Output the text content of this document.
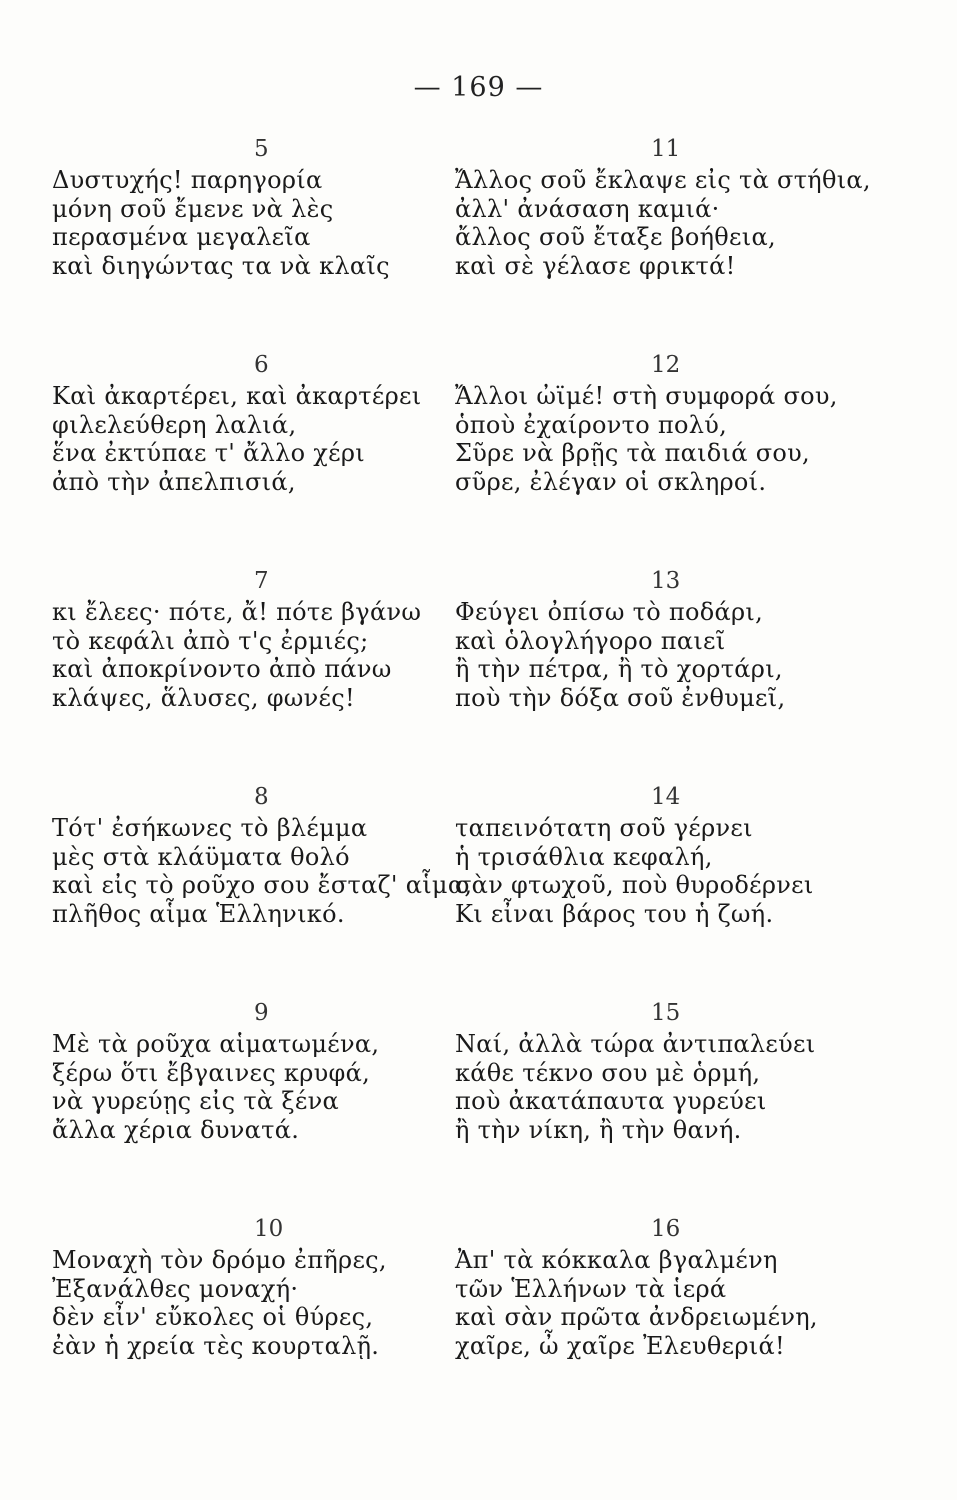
— 169 —
5
Δυστυχής! παρηγορία
μόνη σοῦ ἔμενε νὰ λὲς
περασμένα μεγαλεῖα
καὶ διηγώντας τα νὰ κλαῖς
6
Καὶ ἀκαρτέρει, καὶ ἀκαρτέρει
φιλελεύθερη λαλιά,
ἕνα ἐκτύπαε τ' ἄλλο χέρι
ἀπὸ τὴν ἀπελπισιά,
7
κι ἔλεες· πότε, ἄ! πότε βγάνω
τὸ κεφάλι ἀπὸ τ'ς ἐρμιές;
καὶ ἀποκρίνοντο ἀπὸ πάνω
κλάψες, ἅλυσες, φωνές!
8
Τότ' ἐσήκωνες τὸ βλέμμα
μὲς στὰ κλάϋματα θολό
καὶ εἰς τὸ ροῦχο σου ἔσταζ' αἷμα,
πλῆθος αἷμα Ἑλληνικό.
9
Μὲ τὰ ροῦχα αἱματωμένα,
ξέρω ὅτι ἔβγαινες κρυφά,
νὰ γυρεύῃς εἰς τὰ ξένα
ἄλλα χέρια δυνατά.
10
Μοναχὴ τὸν δρόμο ἐπῆρες,
Ἐξανάλθες μοναχή·
δὲν εἶν' εὔκολες οἱ θύρες,
ἐὰν ἡ χρεία τὲς κουρταλῇ.
11
Ἄλλος σοῦ ἔκλαψε εἰς τὰ στήθια,
ἀλλ' ἀνάσαση καμιά·
ἄλλος σοῦ ἔταξε βοήθεια,
καὶ σὲ γέλασε φρικτά!
12
Ἄλλοι ὠϊμέ! στὴ συμφορά σου,
ὁποὺ ἐχαίροντο πολύ,
Σῦρε νὰ βρῇς τὰ παιδιά σου,
σῦρε, ἐλέγαν οἱ σκληροί.
13
Φεύγει ὀπίσω τὸ ποδάρι,
καὶ ὁλογλήγορο παιεῖ
ἢ τὴν πέτρα, ἢ τὸ χορτάρι,
ποὺ τὴν δόξα σοῦ ἐνθυμεῖ,
14
ταπεινότατη σοῦ γέρνει
ἡ τρισάθλια κεφαλή,
σὰν φτωχοῦ, ποὺ θυροδέρνει
Κι εἶναι βάρος του ἡ ζωή.
15
Ναί, ἀλλὰ τώρα ἀντιπαλεύει
κάθε τέκνο σου μὲ ὁρμή,
ποὺ ἀκατάπαυτα γυρεύει
ἢ τὴν νίκη, ἢ τὴν θανή.
16
Ἀπ' τὰ κόκκαλα βγαλμένη
τῶν Ἑλλήνων τὰ ἱερά
καὶ σὰν πρῶτα ἀνδρειωμένη,
χαῖρε, ὦ χαῖρε Ἐλευθεριά!
